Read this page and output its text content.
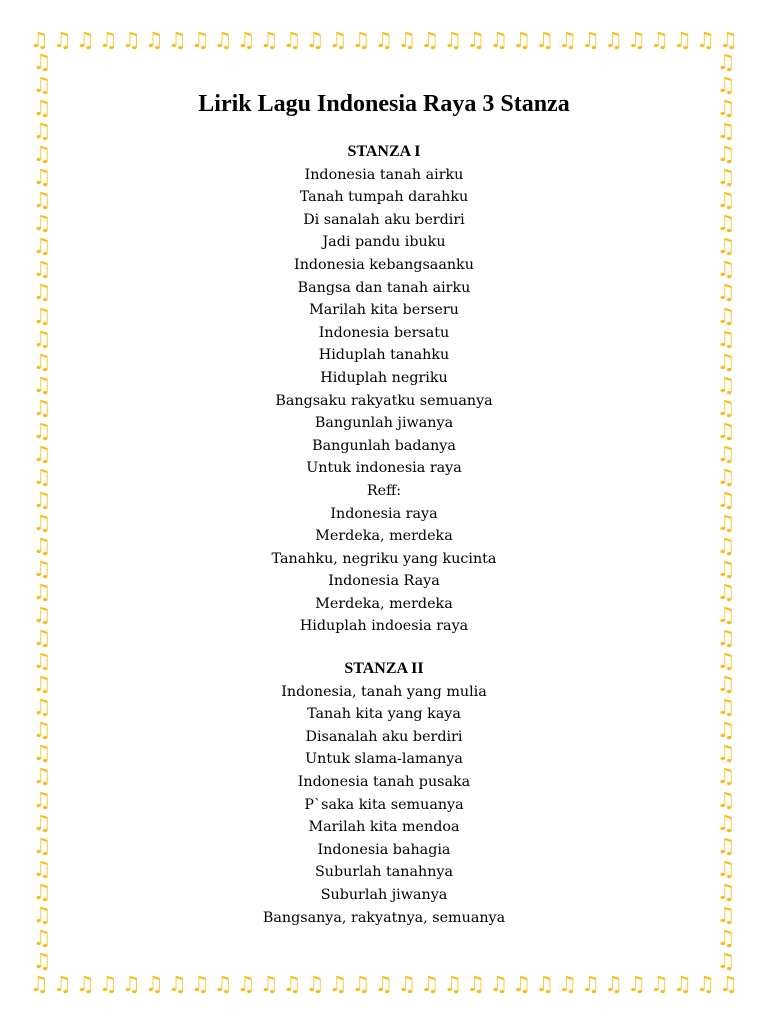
♫ ♫ ♫ ♫ ♫ ♫ ♫ ♫ ♫ ♫ ♫ ♫ ♫ ♫ ♫ ♫ ♫ ♫ ♫ ♫ ♫ ♫ ♫ ♫ ♫ ♫ ♫ ♫ ♫ ♫ ♫
♫ ♫ ♫ ♫ ♫ ♫ ♫ ♫ ♫ ♫ ♫ ♫ ♫ ♫ ♫ ♫ ♫ ♫ ♫ ♫ ♫ ♫ ♫ ♫ ♫ ♫ ♫ ♫ ♫ ♫ ♫
♫
♫
♫
♫
♫
♫
♫
♫
♫
♫
♫
♫
♫
♫
♫
♫
♫
♫
♫
♫
♫
♫
♫
♫
♫
♫
♫
♫
♫
♫
♫
♫
♫
♫
♫
♫
♫
♫
♫
♫
♫
♫
♫
♫
♫
♫
♫
♫
♫
♫
♫
♫
♫
♫
♫
♫
♫
♫
♫
♫
♫
♫
♫
♫
♫
♫
♫
♫
♫
♫
♫
♫
♫
♫
♫
♫
♫
♫
♫
♫
Lirik Lagu Indonesia Raya 3 Stanza
STANZA I
Indonesia tanah airku
Tanah tumpah darahku
Di sanalah aku berdiri
Jadi pandu ibuku
Indonesia kebangsaanku
Bangsa dan tanah airku
Marilah kita berseru
Indonesia bersatu
Hiduplah tanahku
Hiduplah negriku
Bangsaku rakyatku semuanya
Bangunlah jiwanya
Bangunlah badanya
Untuk indonesia raya
Reff:
Indonesia raya
Merdeka, merdeka
Tanahku, negriku yang kucinta
Indonesia Raya
Merdeka, merdeka
Hiduplah indoesia raya
STANZA II
Indonesia, tanah yang mulia
Tanah kita yang kaya
Disanalah aku berdiri
Untuk slama-lamanya
Indonesia tanah pusaka
P`saka kita semuanya
Marilah kita mendoa
Indonesia bahagia
Suburlah tanahnya
Suburlah jiwanya
Bangsanya, rakyatnya, semuanya
